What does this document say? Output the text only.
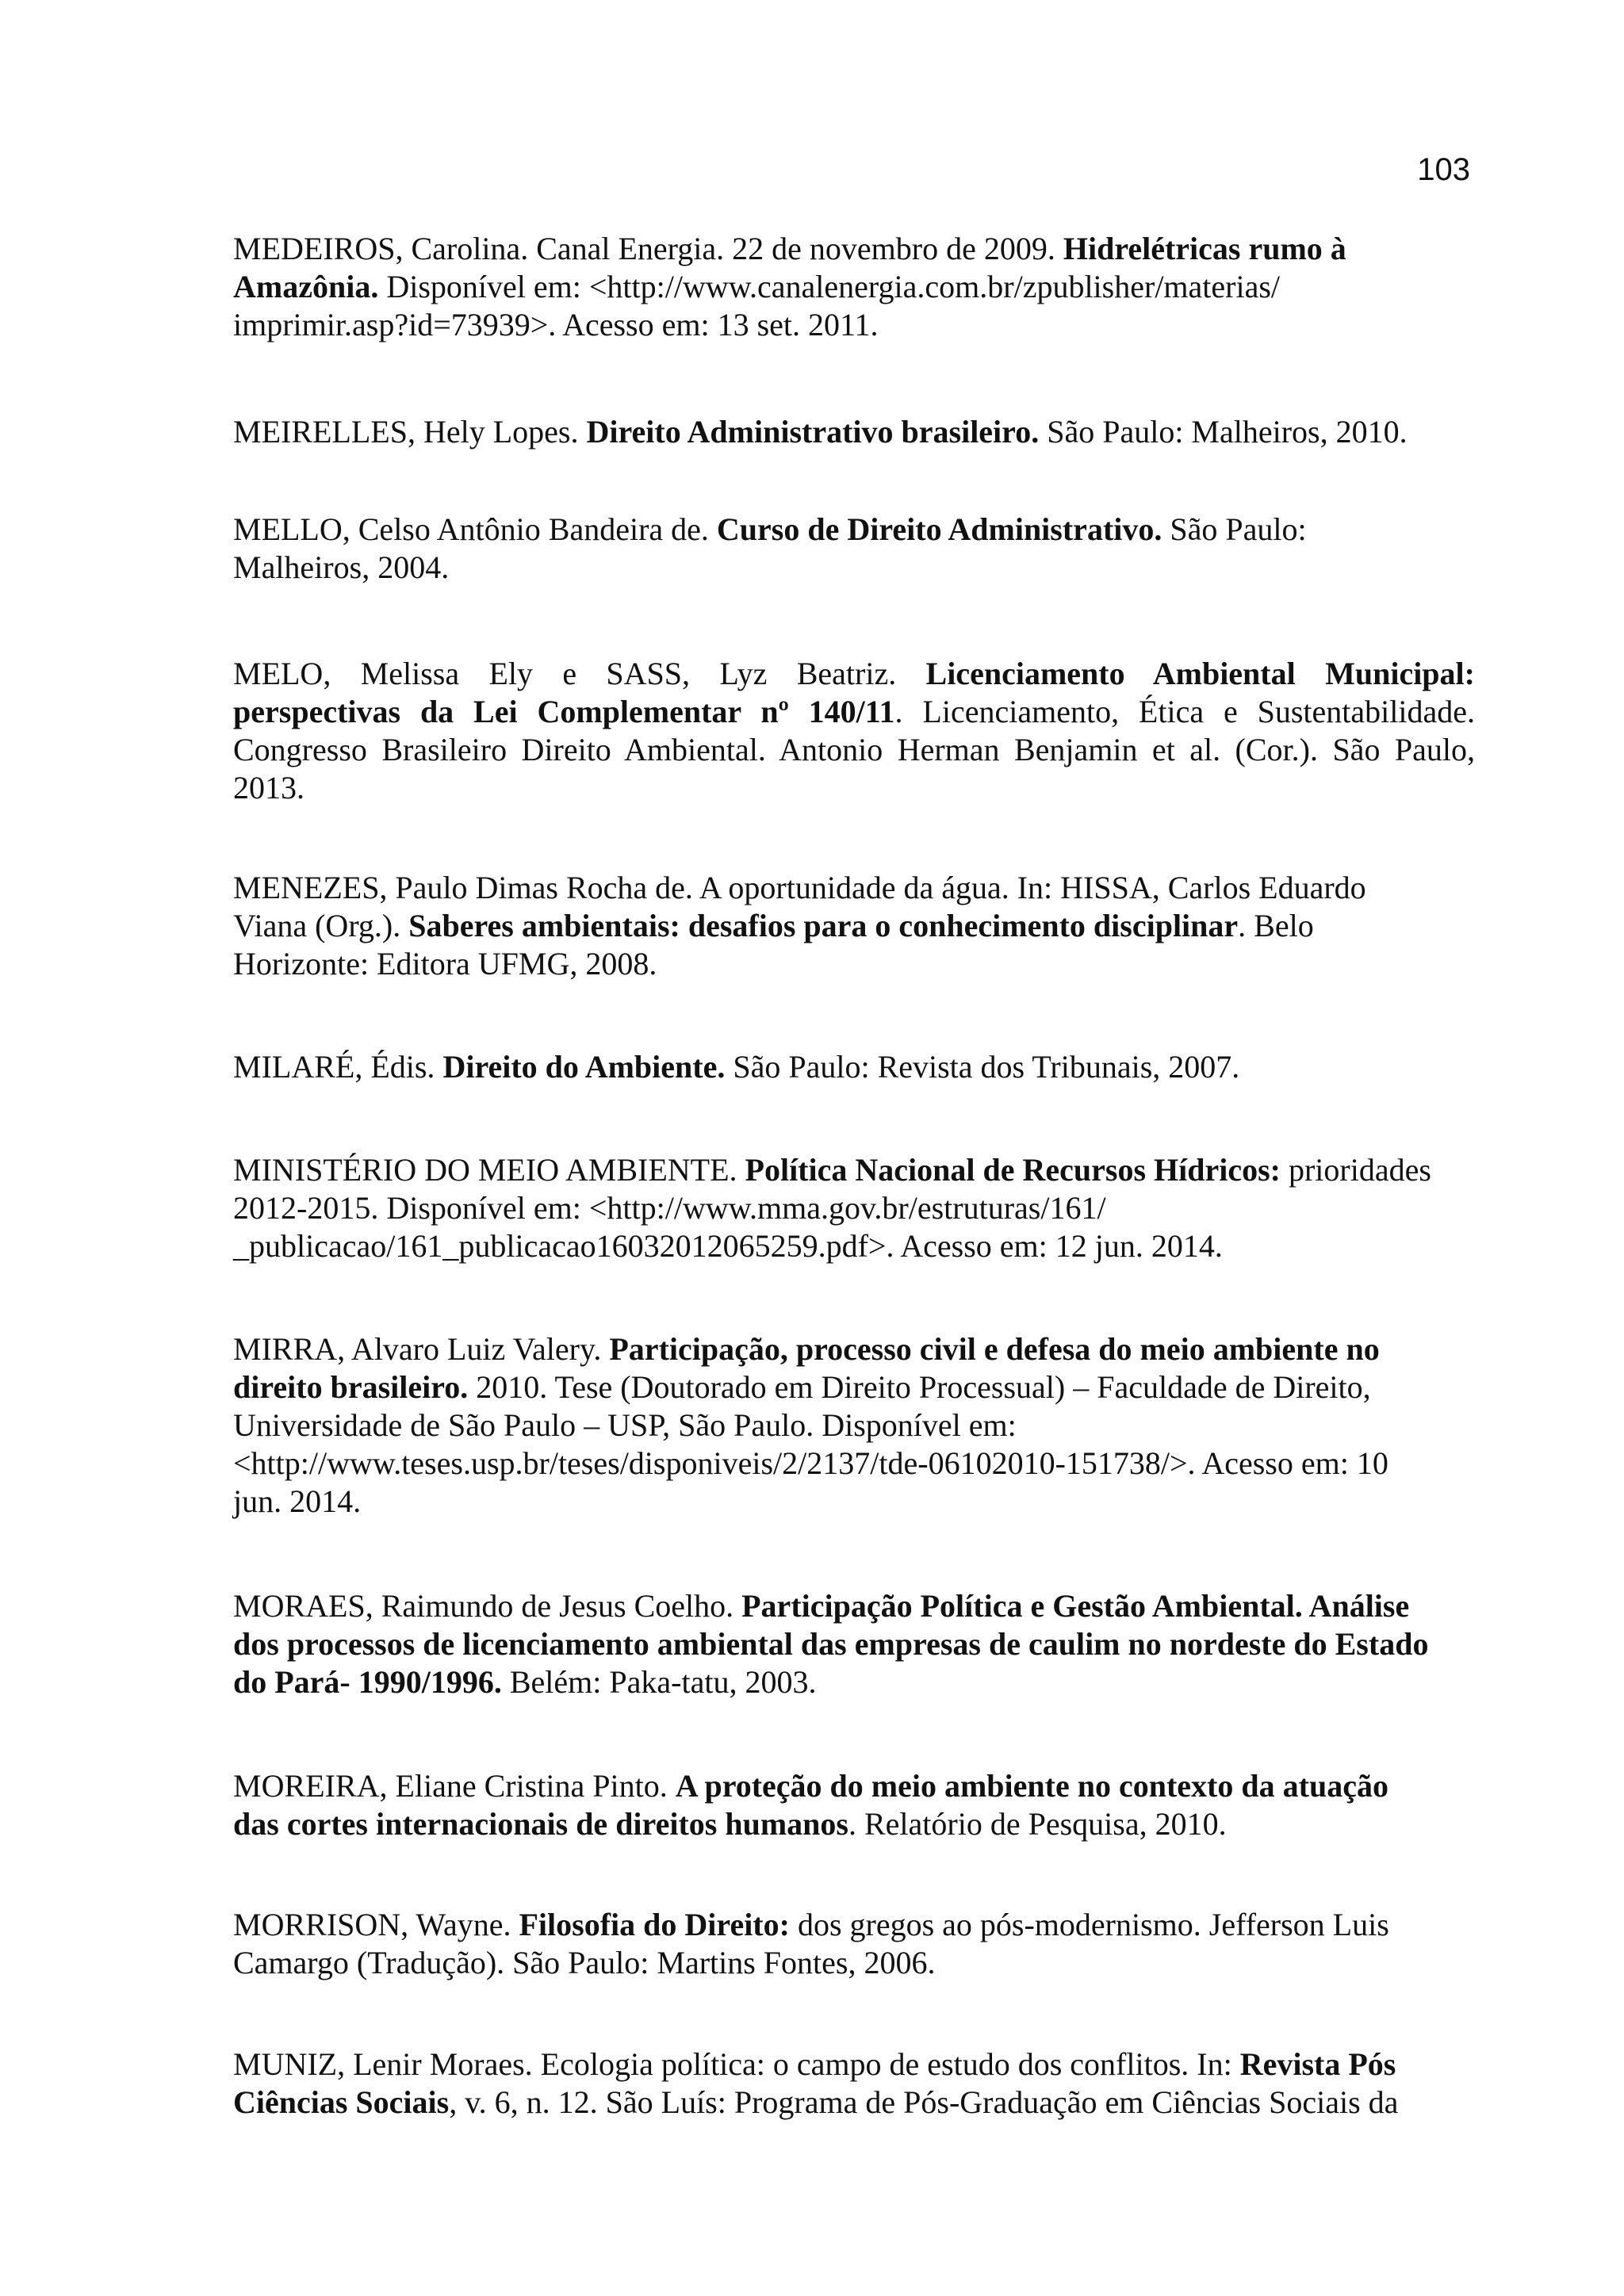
103
MEDEIROS, Carolina. Canal Energia. 22 de novembro de 2009. Hidrelétricas rumo à
Amazônia. Disponível em: <http://www.canalenergia.com.br/zpublisher/materias/
imprimir.asp?id=73939>. Acesso em: 13 set. 2011.
MEIRELLES, Hely Lopes. Direito Administrativo brasileiro. São Paulo: Malheiros, 2010.
MELLO, Celso Antônio Bandeira de. Curso de Direito Administrativo. São Paulo:
Malheiros, 2004.
MELO, Melissa Ely e SASS, Lyz Beatriz. Licenciamento Ambiental Municipal:
perspectivas da Lei Complementar nº 140/11. Licenciamento, Ética e Sustentabilidade.
Congresso Brasileiro Direito Ambiental. Antonio Herman Benjamin et al. (Cor.). São Paulo,
2013.
MENEZES, Paulo Dimas Rocha de. A oportunidade da água. In: HISSA, Carlos Eduardo
Viana (Org.). Saberes ambientais: desafios para o conhecimento disciplinar. Belo
Horizonte: Editora UFMG, 2008.
MILARÉ, Édis. Direito do Ambiente. São Paulo: Revista dos Tribunais, 2007.
MINISTÉRIO DO MEIO AMBIENTE. Política Nacional de Recursos Hídricos: prioridades
2012-2015. Disponível em: <http://www.mma.gov.br/estruturas/161/
_publicacao/161_publicacao16032012065259.pdf>. Acesso em: 12 jun. 2014.
MIRRA, Alvaro Luiz Valery. Participação, processo civil e defesa do meio ambiente no
direito brasileiro. 2010. Tese (Doutorado em Direito Processual) – Faculdade de Direito,
Universidade de São Paulo – USP, São Paulo. Disponível em:
<http://www.teses.usp.br/teses/disponiveis/2/2137/tde-06102010-151738/>. Acesso em: 10
jun. 2014.
MORAES, Raimundo de Jesus Coelho. Participação Política e Gestão Ambiental. Análise
dos processos de licenciamento ambiental das empresas de caulim no nordeste do Estado
do Pará- 1990/1996. Belém: Paka-tatu, 2003.
MOREIRA, Eliane Cristina Pinto. A proteção do meio ambiente no contexto da atuação
das cortes internacionais de direitos humanos. Relatório de Pesquisa, 2010.
MORRISON, Wayne. Filosofia do Direito: dos gregos ao pós-modernismo. Jefferson Luis
Camargo (Tradução). São Paulo: Martins Fontes, 2006.
MUNIZ, Lenir Moraes. Ecologia política: o campo de estudo dos conflitos. In: Revista Pós
Ciências Sociais, v. 6, n. 12. São Luís: Programa de Pós-Graduação em Ciências Sociais da
